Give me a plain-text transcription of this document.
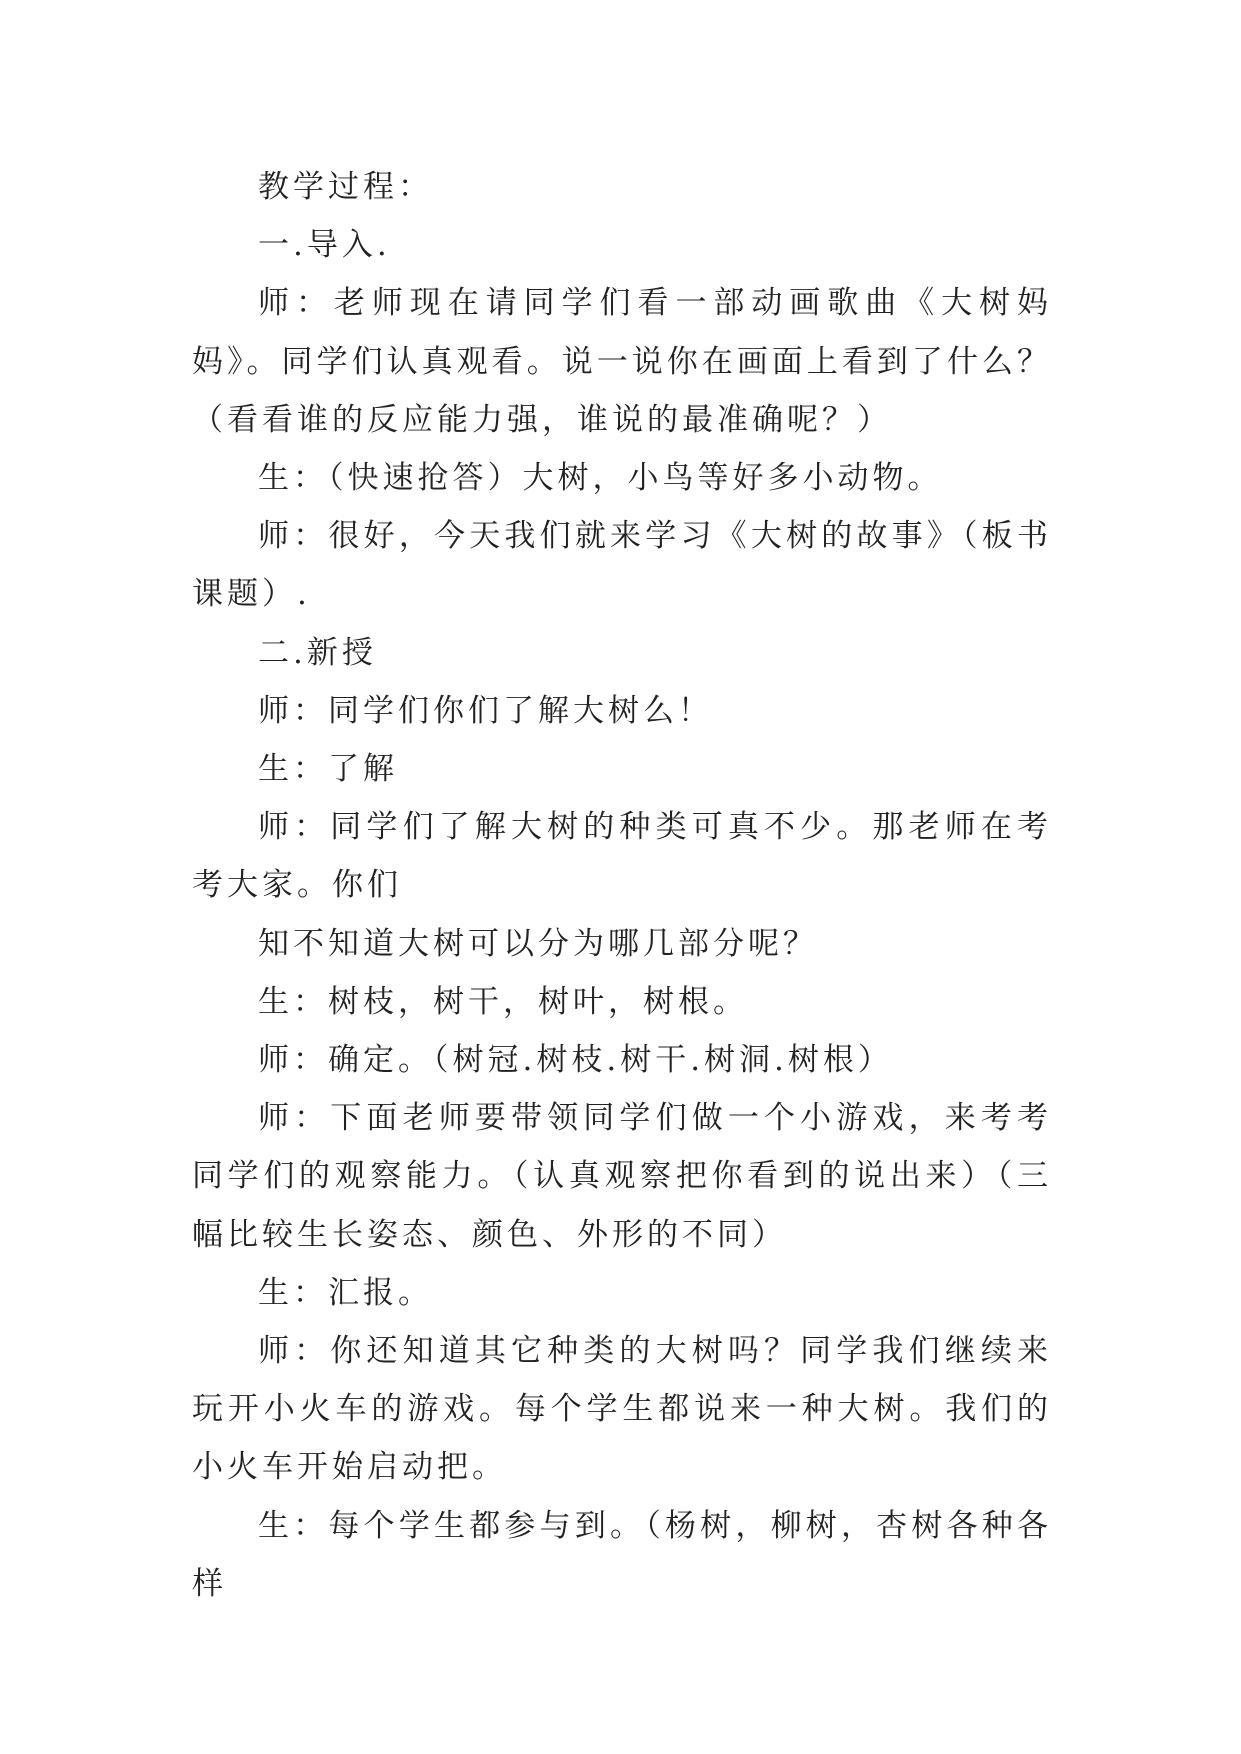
教学过程：

一.导入.

师：老师现在请同学们看一部动画歌曲《大树妈妈》。同学们认真观看。说一说你在画面上看到了什么？（看看谁的反应能力强，谁说的最准确呢？）

生：（快速抢答）大树，小鸟等好多小动物。

师：很好，今天我们就来学习《大树的故事》（板书课题）.

二.新授

师：同学们你们了解大树么！

生：了解

师：同学们了解大树的种类可真不少。那老师在考考大家。你们

知不知道大树可以分为哪几部分呢？

生：树枝，树干，树叶，树根。

师：确定。（树冠.树枝.树干.树洞.树根）

师：下面老师要带领同学们做一个小游戏，来考考同学们的观察能力。（认真观察把你看到的说出来）（三幅比较生长姿态、颜色、外形的不同）

生：汇报。

师：你还知道其它种类的大树吗？同学我们继续来玩开小火车的游戏。每个学生都说来一种大树。我们的小火车开始启动把。

生：每个学生都参与到。（杨树，柳树，杏树各种各样
